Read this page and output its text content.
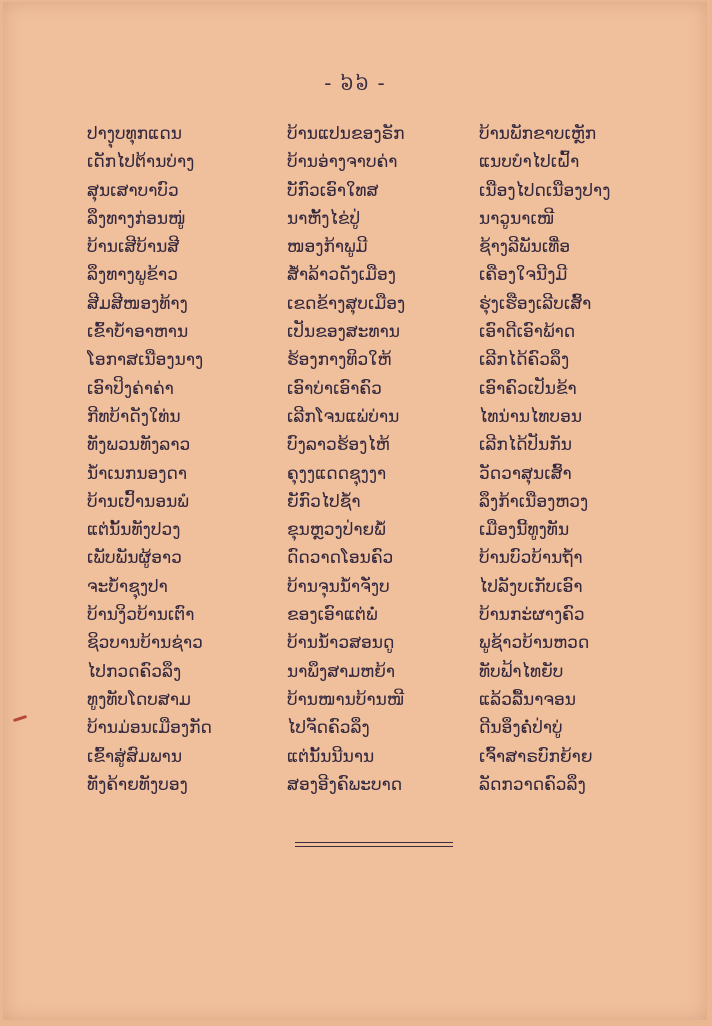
- ៦៦ -
ປາງຸບທຸກແດນ	ບ້ານແປນຂອງຣັກ	ບ້ານພັກຂາບເຫຼັກ
ເດັກໄປຕ້ານບ່າງ	ບ້ານອ່າງຈາບຄ່າ	ແນບບຳໄປເຝົ້າ
ສຸນເສາບາບົວ	ບັກົວເອົາໃທສ	ເນືອງໄປດເນືອງປາງ
ລຶງທາງກ່ອນໜູ່	ນາຫັ້ງໄຂ່ປູ່	ນາວູນາເໜີ
ບ້ານເສີບ້ານສີ	ໜອງກ້າພູມີ	ຊ້າງລີພັນເທື່ອ
ລຶງທາງພູຂ້າວ	ສ້ຳລ້າວດັງເມືອງ	ເຄືອງໃຈນີງມີ
ສີມສີໜອງທ້າງ	ເຂດຂ້າງສຸບເມືອງ	ຮຸ່ງເຮືອງເລີບເສົ້າ
ເຂົ້າບ້ຳອາຫານ	ເປັນຂອງສະທານ	ເອົາດີເອົາພ້າດ
ໂອກາສເນືອງນາງ	ຮ້ອງກາງທິວໃຫ້	ເລີກໄດ້ຄົວລຶງ
ເອົາປິງຄ່າຄ່າ	ເອົາບ່າເອົາຄົວ	ເອົາຄົວເປັນຂ້າ
ກີທບ້າດັງໃທ່ນ	ເລີກໂຈນແພ່ບ່ານ	ໄທນ່ານໄທບອນ
ທັງພວນທັງລາວ	ບົງລາວຮ້ອງໄຫ້	ເລີກໄດ້ປັນກັນ
ນ້ຳເນກນອງດາ	ຄຸງງແດດຊຸງງາ	ວັດວາສຸນເສົ້າ
ບ້ານເປົ້ານອນພໍ	ຍັກົວໄປຊ້ຳ	ລຶງກ້າເນືອງຫວງ
ແຕ່ນັ້ນທັງປວງ	ຂຸນຫຼວງປ່າຍພໍ້	ເມືອງນີ້ທູງທັນ
ເພັບພັນຜູ້ອາວ	ດົດວາດໂອນຄົວ	ບ້ານບົວບ້ານຖ້ຳ
ຈະບ້ຳຊຸງປາ	ບ້ານຈຸນນ້ຳຈັ່ງບ	ໄປລັງບເກັບເອົາ
ບ້ານງິວບ້ານເຕົາ	ຂອງເອົາແຕ່ພໍ່	ບ້ານກະ່ຜາງຄົວ
ຊິວບານບ້ານຊ່າວ	ບ້ານນ້ຳວສອນດູ	ພູຊ້າວບ້ານຫວດ
ໄປກວດຄົວລຶງ	ນາພຶງສາມຫຍ້າ	ທັບຟ້າໄທຍັບ
ທູງທັບໂດບສາມ	ບ້ານໜານບ້ານໜີ	ແລ້ວລື້ນາຈອນ
ບ້ານມ່ອນເມືອງກັດ	ໄປຈັດຄົວລຶງ	ດີນອຶງຄໍ່ປ່າບູ່
ເຂົ້າສູ່ສົມພານ	ແຕ່ນັ້ນນີນານ	ເຈົ້າສາຣບົກຍ້າຍ
ທັງຄ້າຍທັງບອງ	ສອງອີງຄົພະບາດ	ລັດກວາດຄົວລຶງ
